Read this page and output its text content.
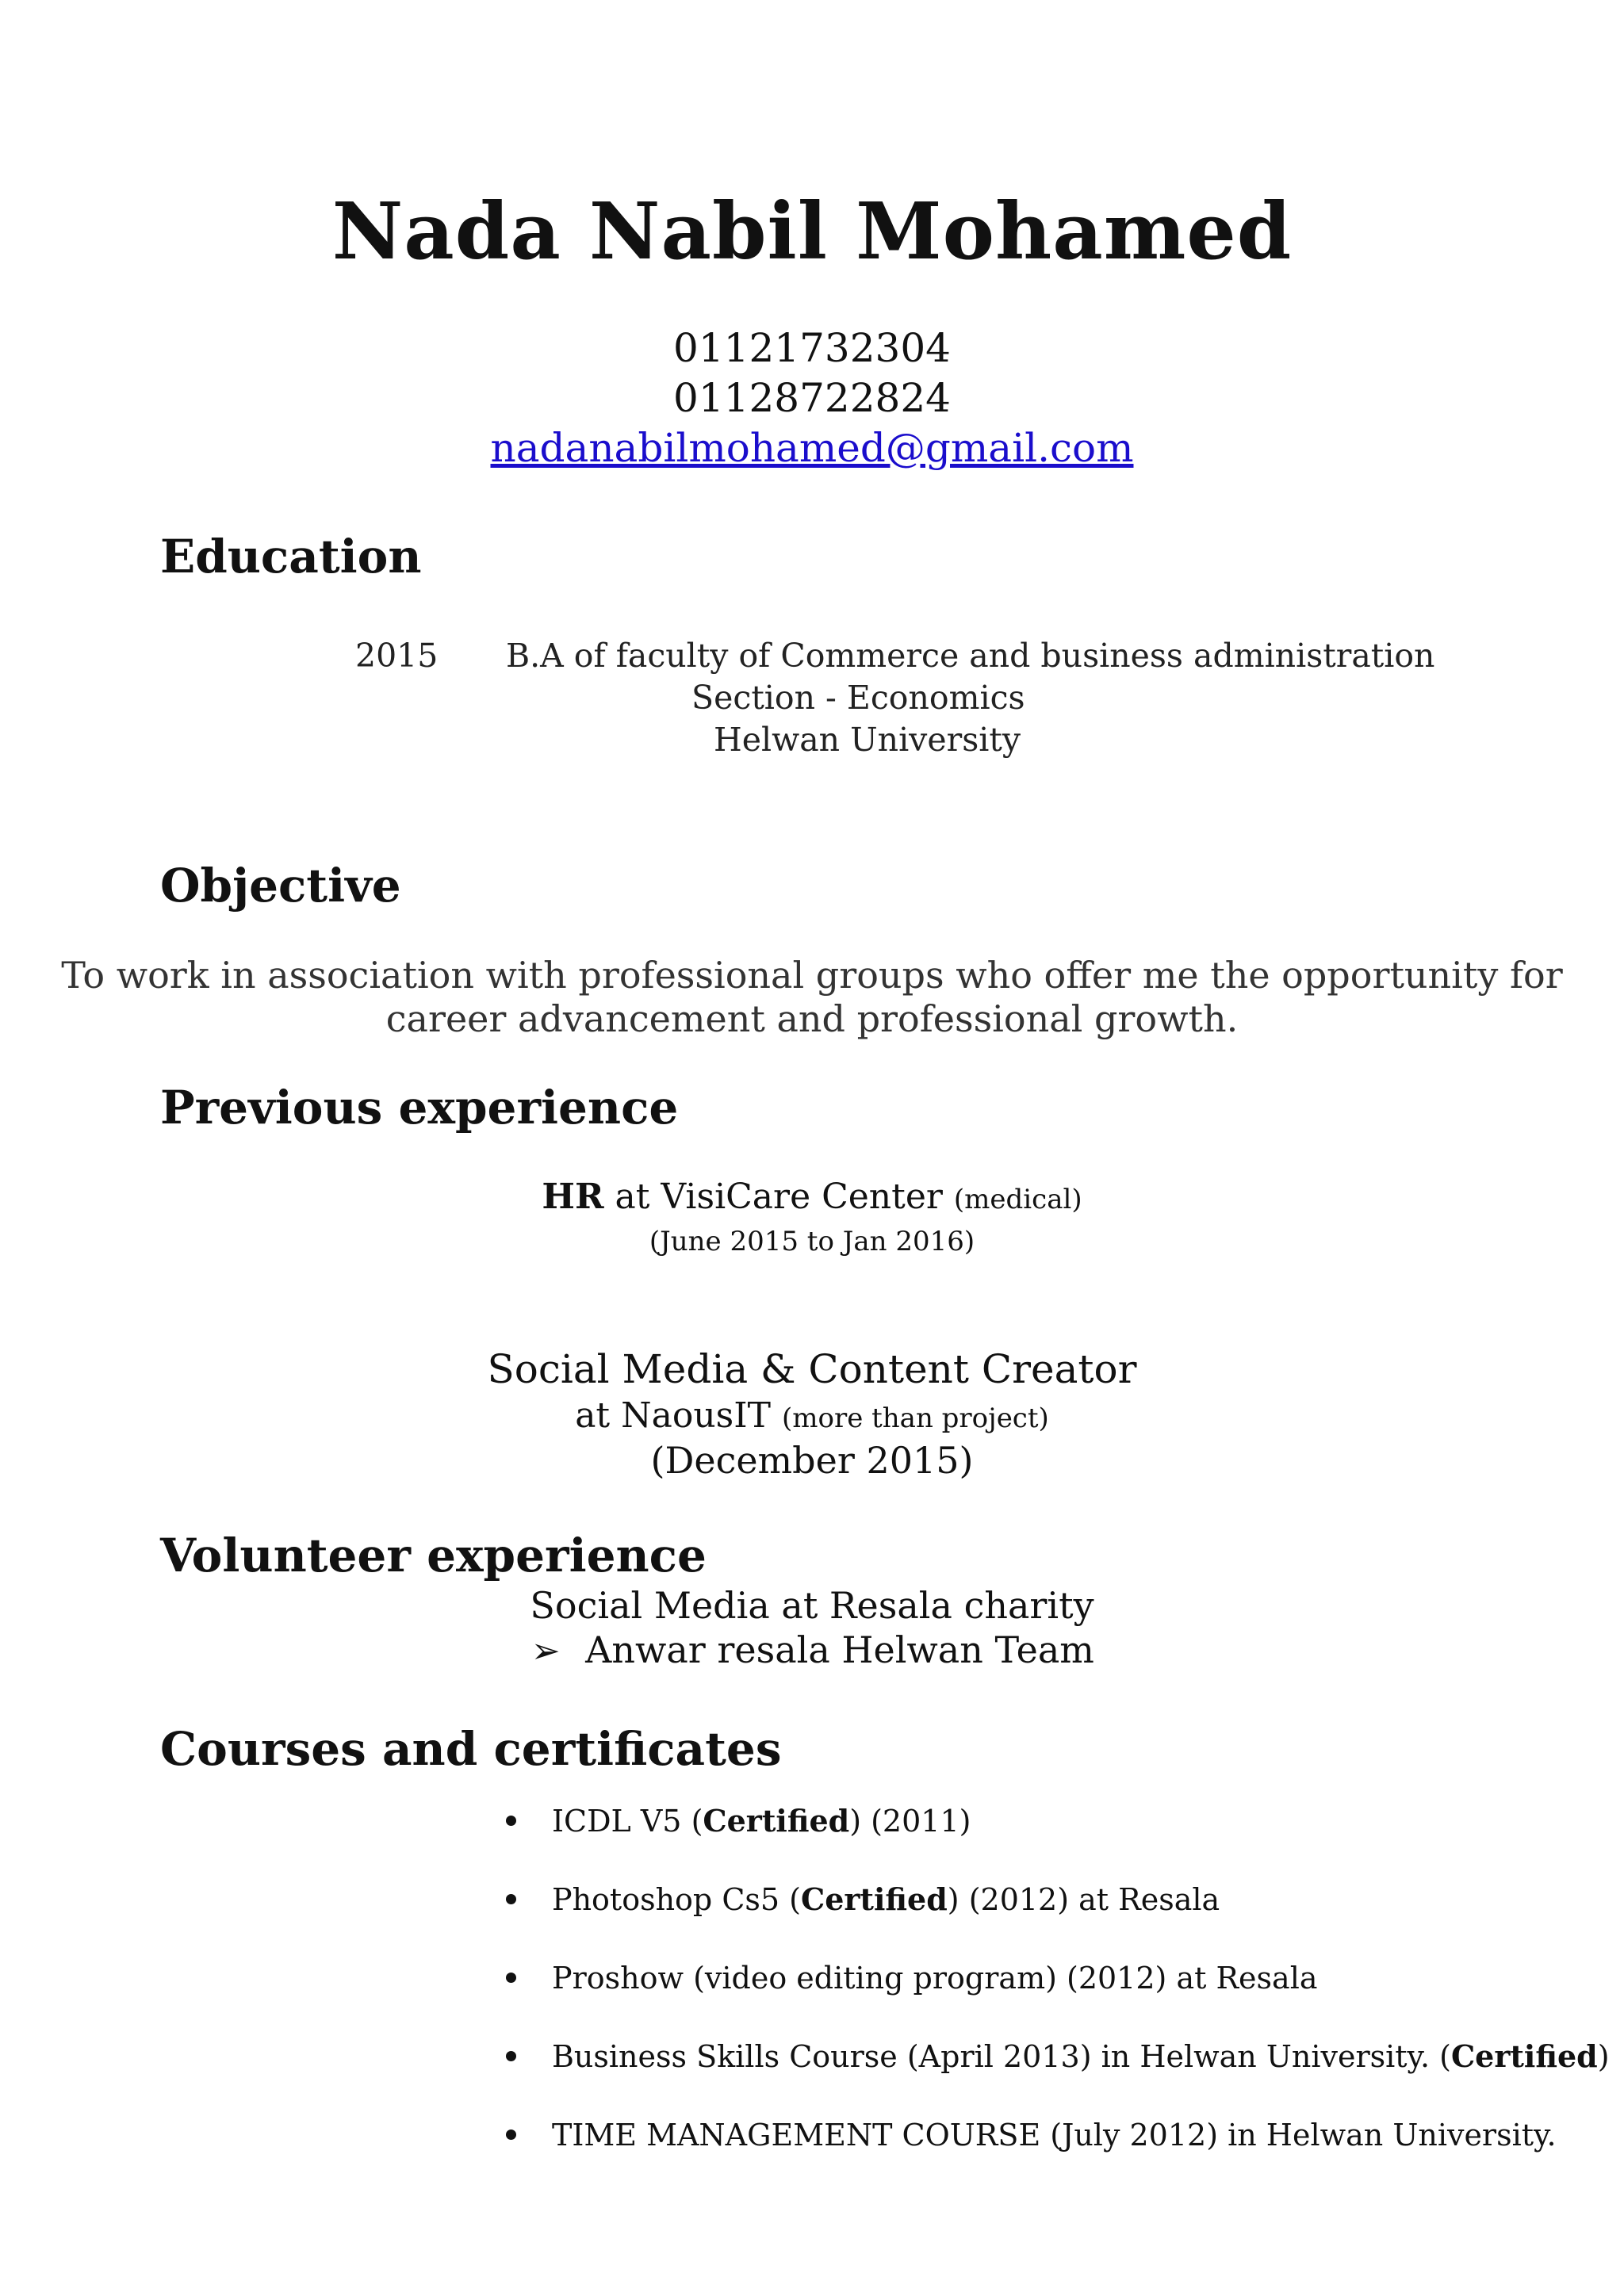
Nada Nabil Mohamed
01121732304
01128722824
nadanabilmohamed@gmail.com
Education
2015 B.A of faculty of Commerce and business administration
Section - Economics
Helwan University
Objective
To work in association with professional groups who offer me the opportunity for
career advancement and professional growth.
Previous experience
HR at VisiCare Center (medical)
(June 2015 to Jan 2016)
Social Media & Content Creator
at NaousIT (more than project)
(December 2015)
Volunteer experience
Social Media at Resala charity
➢ Anwar resala Helwan Team
Courses and certificates
ICDL V5 (Certified) (2011)
Photoshop Cs5 (Certified) (2012) at Resala
Proshow (video editing program) (2012) at Resala
Business Skills Course (April 2013) in Helwan University. (Certified)
TIME MANAGEMENT COURSE (July 2012) in Helwan University.
